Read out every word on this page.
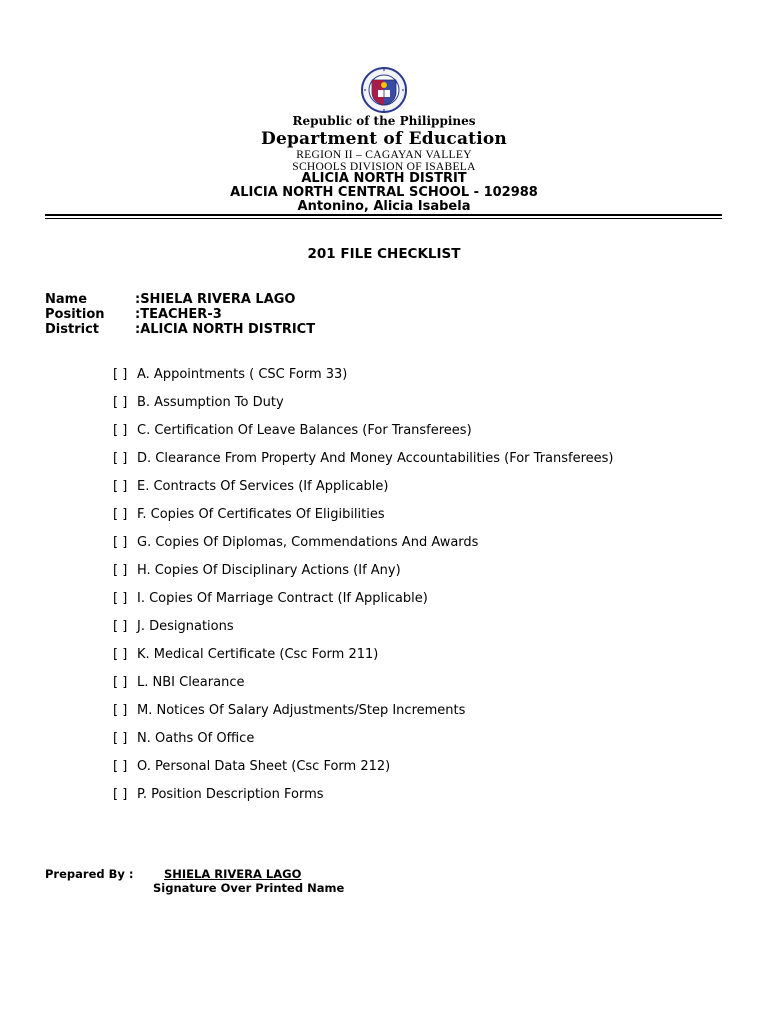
Republic of the Philippines
Department of Education
REGION II – CAGAYAN VALLEY
SCHOOLS DIVISION OF ISABELA
ALICIA NORTH DISTRIT
ALICIA NORTH CENTRAL SCHOOL - 102988
Antonino, Alicia Isabela
201 FILE CHECKLIST
Name	:SHIELA RIVERA LAGO
Position :TEACHER-3
District	:ALICIA NORTH DISTRICT
[ ] A. Appointments ( CSC Form 33)
[ ] B. Assumption To Duty
[ ] C. Certification Of Leave Balances (For Transferees)
[ ] D. Clearance From Property And Money Accountabilities (For Transferees)
[ ] E. Contracts Of Services (If Applicable)
[ ] F. Copies Of Certificates Of Eligibilities
[ ] G. Copies Of Diplomas, Commendations And Awards
[ ] H. Copies Of Disciplinary Actions (If Any)
[ ] I. Copies Of Marriage Contract (If Applicable)
[ ] J. Designations
[ ] K. Medical Certificate (Csc Form 211)
[ ] L. NBI Clearance
[ ] M. Notices Of Salary Adjustments/Step Increments
[ ] N. Oaths Of Office
[ ] O. Personal Data Sheet (Csc Form 212)
[ ] P. Position Description Forms
Prepared By :	SHIELA RIVERA LAGO
Signature Over Printed Name
